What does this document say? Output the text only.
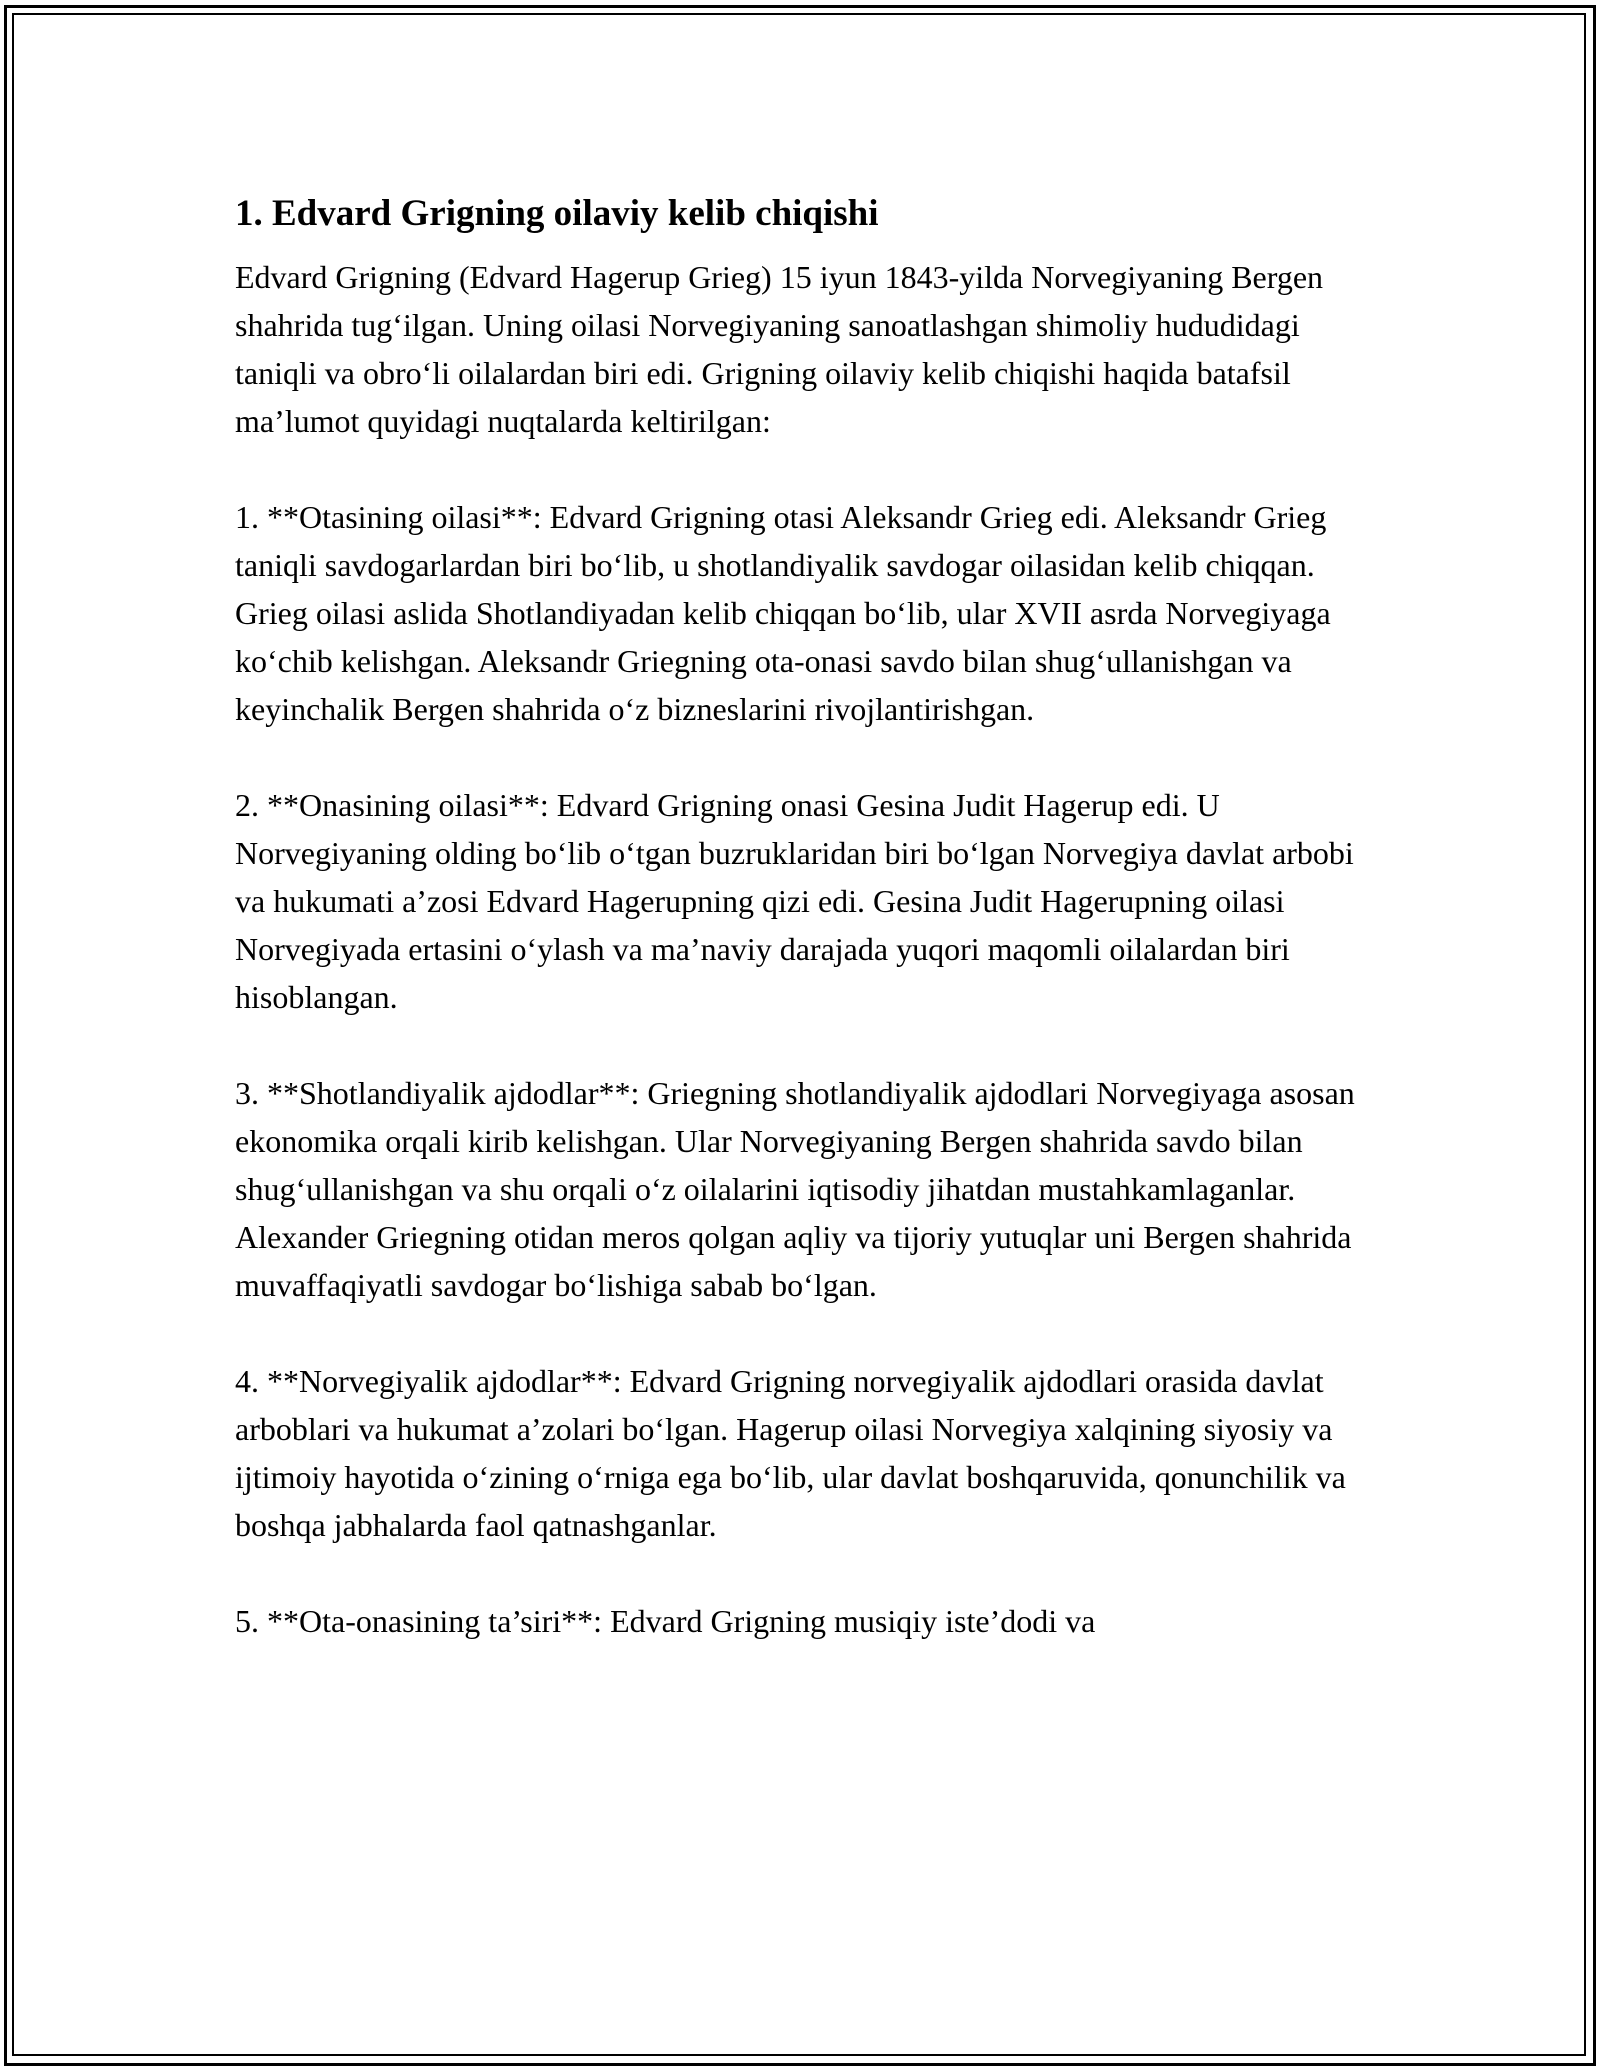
1. Edvard Grigning oilaviy kelib chiqishi

Edvard Grigning (Edvard Hagerup Grieg) 15 iyun 1843-yilda Norvegiyaning Bergen shahrida tug‘ilgan. Uning oilasi Norvegiyaning sanoatlashgan shimoliy hududidagi taniqli va obro‘li oilalardan biri edi. Grigning oilaviy kelib chiqishi haqida batafsil ma’lumot quyidagi nuqtalarda keltirilgan:

1. **Otasining oilasi**: Edvard Grigning otasi Aleksandr Grieg edi. Aleksandr Grieg taniqli savdogarlardan biri bo‘lib, u shotlandiyalik savdogar oilasidan kelib chiqqan. Grieg oilasi aslida Shotlandiyadan kelib chiqqan bo‘lib, ular XVII asrda Norvegiyaga ko‘chib kelishgan. Aleksandr Griegning ota-onasi savdo bilan shug‘ullanishgan va keyinchalik Bergen shahrida o‘z bizneslarini rivojlantirishgan.

2. **Onasining oilasi**: Edvard Grigning onasi Gesina Judit Hagerup edi. U Norvegiyaning olding bo‘lib o‘tgan buzruklaridan biri bo‘lgan Norvegiya davlat arbobi va hukumati a’zosi Edvard Hagerupning qizi edi. Gesina Judit Hagerupning oilasi Norvegiyada ertasini o‘ylash va ma’naviy darajada yuqori maqomli oilalardan biri hisoblangan.

3. **Shotlandiyalik ajdodlar**: Griegning shotlandiyalik ajdodlari Norvegiyaga asosan ekonomika orqali kirib kelishgan. Ular Norvegiyaning Bergen shahrida savdo bilan shug‘ullanishgan va shu orqali o‘z oilalarini iqtisodiy jihatdan mustahkamlaganlar. Alexander Griegning otidan meros qolgan aqliy va tijoriy yutuqlar uni Bergen shahrida muvaffaqiyatli savdogar bo‘lishiga sabab bo‘lgan.

4. **Norvegiyalik ajdodlar**: Edvard Grigning norvegiyalik ajdodlari orasida davlat arboblari va hukumat a’zolari bo‘lgan. Hagerup oilasi Norvegiya xalqining siyosiy va ijtimoiy hayotida o‘zining o‘rniga ega bo‘lib, ular davlat boshqaruvida, qonunchilik va boshqa jabhalarda faol qatnashganlar.

5. **Ota-onasining ta’siri**: Edvard Grigning musiqiy iste’dodi va
